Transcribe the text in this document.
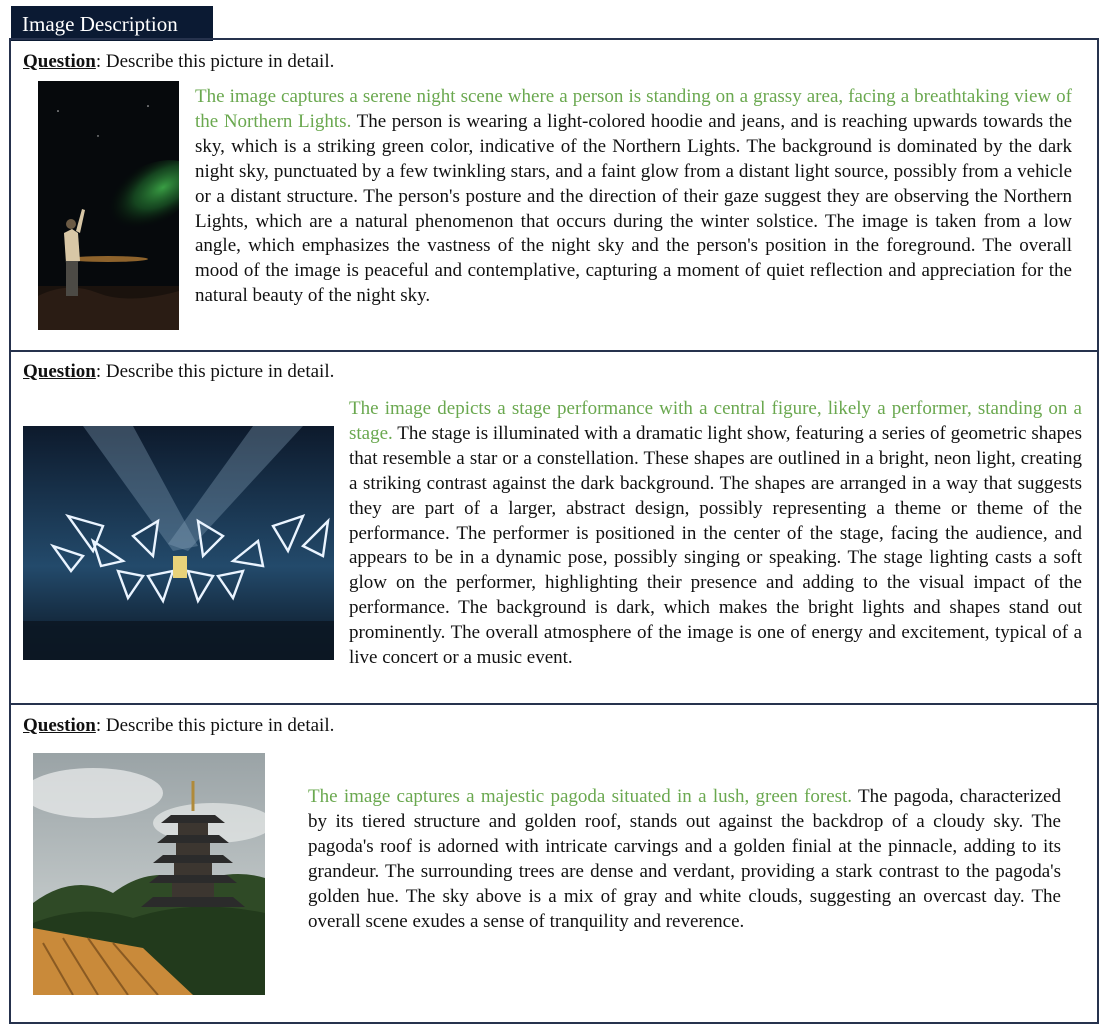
Image Description
Question: Describe this picture in detail.

The image captures a serene night scene where a person is standing on a grassy area, facing a breathtaking view of the Northern Lights. The person is wearing a light-colored hoodie and jeans, and is reaching upwards towards the sky, which is a striking green color, indicative of the Northern Lights. The background is dominated by the dark night sky, punctuated by a few twinkling stars, and a faint glow from a distant light source, possibly from a vehicle or a distant structure. The person's posture and the direction of their gaze suggest they are observing the Northern Lights, which are a natural phenomenon that occurs during the winter solstice. The image is taken from a low angle, which emphasizes the vastness of the night sky and the person's position in the foreground. The overall mood of the image is peaceful and contemplative, capturing a moment of quiet reflection and appreciation for the natural beauty of the night sky.

Question: Describe this picture in detail.

The image depicts a stage performance with a central figure, likely a performer, standing on a stage. The stage is illuminated with a dramatic light show, featuring a series of geometric shapes that resemble a star or a constellation. These shapes are outlined in a bright, neon light, creating a striking contrast against the dark background. The shapes are arranged in a way that suggests they are part of a larger, abstract design, possibly representing a theme or theme of the performance. The performer is positioned in the center of the stage, facing the audience, and appears to be in a dynamic pose, possibly singing or speaking. The stage lighting casts a soft glow on the performer, highlighting their presence and adding to the visual impact of the performance. The background is dark, which makes the bright lights and shapes stand out prominently. The overall atmosphere of the image is one of energy and excitement, typical of a live concert or a music event.

Question: Describe this picture in detail.

The image captures a majestic pagoda situated in a lush, green forest. The pagoda, characterized by its tiered structure and golden roof, stands out against the backdrop of a cloudy sky. The pagoda's roof is adorned with intricate carvings and a golden finial at the pinnacle, adding to its grandeur. The surrounding trees are dense and verdant, providing a stark contrast to the pagoda's golden hue. The sky above is a mix of gray and white clouds, suggesting an overcast day. The overall scene exudes a sense of tranquility and reverence.
